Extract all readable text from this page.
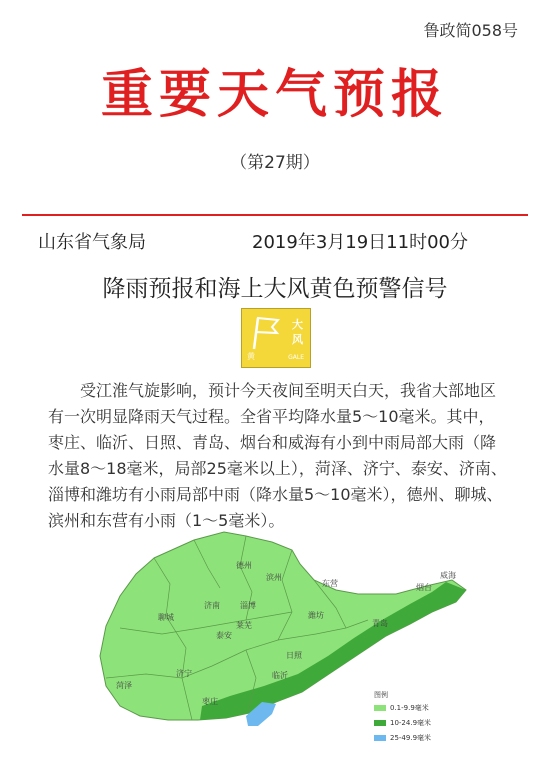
鲁政简058号
重要天气预报
（第27期）
山东省气象局	2019年3月19日11时00分
降雨预报和海上大风黄色预警信号
大
风
黄	GALE
受江淮气旋影响，预计今天夜间至明天白天，我省大部地区有一次明显降雨天气过程。全省平均降水量5～10毫米。其中，枣庄、临沂、日照、青岛、烟台和威海有小到中雨局部大雨（降水量8～18毫米，局部25毫米以上），菏泽、济宁、泰安、济南、淄博和潍坊有小雨局部中雨（降水量5～10毫米），德州、聊城、滨州和东营有小雨（1～5毫米）。
德州
滨州
东营	烟台
聊城
济南	淄博
潍坊
青岛
泰安
菏泽
济宁
枣庄
临沂
日照
莱芜
威海
图例
0.1-9.9毫米
10-24.9毫米
25-49.9毫米
